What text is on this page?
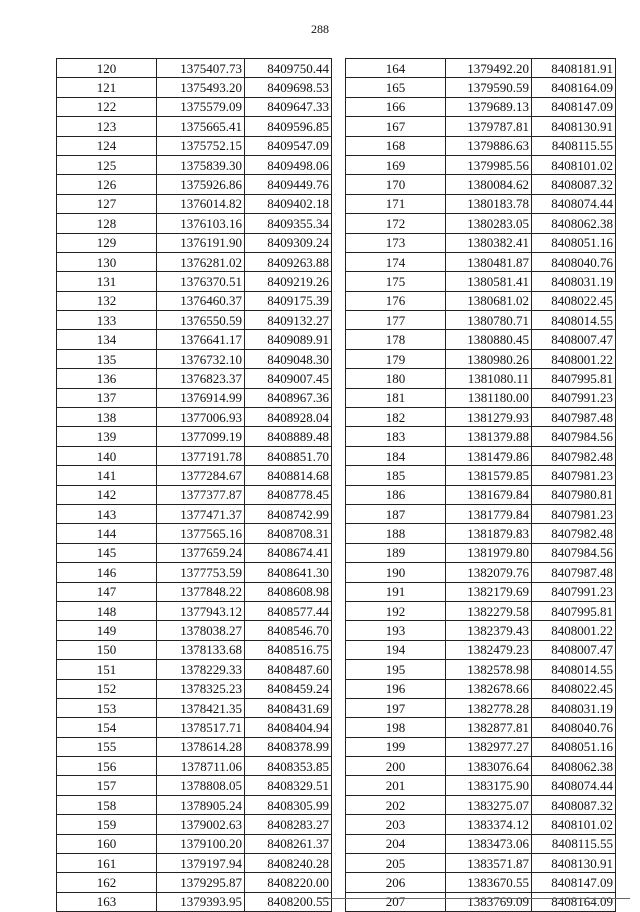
288
120	1375407.73	8409750.44
121	1375493.20	8409698.53
122	1375579.09	8409647.33
123	1375665.41	8409596.85
124	1375752.15	8409547.09
125	1375839.30	8409498.06
126	1375926.86	8409449.76
127	1376014.82	8409402.18
128	1376103.16	8409355.34
129	1376191.90	8409309.24
130	1376281.02	8409263.88
131	1376370.51	8409219.26
132	1376460.37	8409175.39
133	1376550.59	8409132.27
134	1376641.17	8409089.91
135	1376732.10	8409048.30
136	1376823.37	8409007.45
137	1376914.99	8408967.36
138	1377006.93	8408928.04
139	1377099.19	8408889.48
140	1377191.78	8408851.70
141	1377284.67	8408814.68
142	1377377.87	8408778.45
143	1377471.37	8408742.99
144	1377565.16	8408708.31
145	1377659.24	8408674.41
146	1377753.59	8408641.30
147	1377848.22	8408608.98
148	1377943.12	8408577.44
149	1378038.27	8408546.70
150	1378133.68	8408516.75
151	1378229.33	8408487.60
152	1378325.23	8408459.24
153	1378421.35	8408431.69
154	1378517.71	8408404.94
155	1378614.28	8408378.99
156	1378711.06	8408353.85
157	1378808.05	8408329.51
158	1378905.24	8408305.99
159	1379002.63	8408283.27
160	1379100.20	8408261.37
161	1379197.94	8408240.28
162	1379295.87	8408220.00
163	1379393.95	8408200.55
164	1379492.20	8408181.91
165	1379590.59	8408164.09
166	1379689.13	8408147.09
167	1379787.81	8408130.91
168	1379886.63	8408115.55
169	1379985.56	8408101.02
170	1380084.62	8408087.32
171	1380183.78	8408074.44
172	1380283.05	8408062.38
173	1380382.41	8408051.16
174	1380481.87	8408040.76
175	1380581.41	8408031.19
176	1380681.02	8408022.45
177	1380780.71	8408014.55
178	1380880.45	8408007.47
179	1380980.26	8408001.22
180	1381080.11	8407995.81
181	1381180.00	8407991.23
182	1381279.93	8407987.48
183	1381379.88	8407984.56
184	1381479.86	8407982.48
185	1381579.85	8407981.23
186	1381679.84	8407980.81
187	1381779.84	8407981.23
188	1381879.83	8407982.48
189	1381979.80	8407984.56
190	1382079.76	8407987.48
191	1382179.69	8407991.23
192	1382279.58	8407995.81
193	1382379.43	8408001.22
194	1382479.23	8408007.47
195	1382578.98	8408014.55
196	1382678.66	8408022.45
197	1382778.28	8408031.19
198	1382877.81	8408040.76
199	1382977.27	8408051.16
200	1383076.64	8408062.38
201	1383175.90	8408074.44
202	1383275.07	8408087.32
203	1383374.12	8408101.02
204	1383473.06	8408115.55
205	1383571.87	8408130.91
206	1383670.55	8408147.09
207	1383769.09	8408164.09
